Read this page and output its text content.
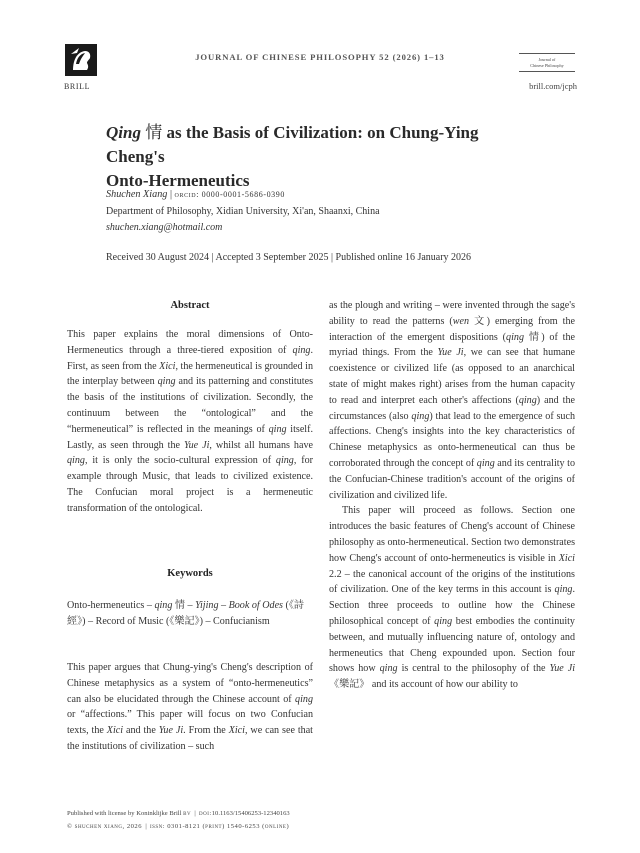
BRILL
JOURNAL OF CHINESE PHILOSOPHY 52 (2026) 1–13	Journal of
Chinese Philosophy
brill.com/jcph
Qing 情 as the Basis of Civilization: on Chung-Ying Cheng's
Onto-Hermeneutics
Shuchen Xiang | orcid: 0000-0001-5686-0390
Department of Philosophy, Xidian University, Xi'an, Shaanxi, China
shuchen.xiang@hotmail.com
Received 30 August 2024 | Accepted 3 September 2025 | Published online 16 January 2026
Abstract

This paper explains the moral dimensions of Onto-Hermeneutics through a three-tiered exposition of qing. First, as seen from the Xici, the hermeneutical is grounded in the interplay between qing and its patterning and constitutes the basis of the institutions of civilization. Secondly, the continuum between the “ontological” and the “hermeneutical” is reflected in the meanings of qing itself. Lastly, as seen through the Yue Ji, whilst all humans have qing, it is only the socio-cultural expression of qing, for example through Music, that leads to civilized existence. The Confucian moral project is a hermeneutic transformation of the ontological.

Keywords

Onto-hermeneutics – qing 情 – Yijing – Book of Odes (《詩經》) – Record of Music (《樂記》) – Confucianism

This paper argues that Chung-ying's Cheng's description of Chinese metaphysics as a system of “onto-hermeneutics” can also be elucidated through the Chinese account of qing or “affections.” This paper will focus on two Confucian texts, the Xici and the Yue Ji. From the Xici, we can see that the institutions of civilization – such

as the plough and writing – were invented through the sage's ability to read the patterns (wen 文) emerging from the interaction of the emergent dispositions (qing 情) of the myriad things. From the Yue Ji, we can see that humane coexistence or civilized life (as opposed to an anarchical state of might makes right) arises from the human capacity to read and interpret each other's affections (qing) and the circumstances (also qing) that lead to the emergence of such affections. Cheng's insights into the key characteristics of Chinese metaphysics as onto-hermeneutical can thus be corroborated through the concept of qing and its centrality to the Confucian-Chinese tradition's account of the origins of civilization and civilized life.

This paper will proceed as follows. Section one introduces the basic features of Cheng's account of Chinese philosophy as onto-hermeneutical. Section two demonstrates how Cheng's account of onto-hermeneutics is visible in Xici 2.2 – the canonical account of the origins of the institutions of civilization. One of the key terms in this account is qing. Section three proceeds to outline how the Chinese philosophical concept of qing best embodies the continuity between, and mutually influencing nature of, ontology and hermeneutics that Cheng expounded upon. Section four shows how qing is central to the philosophy of the Yue Ji 《樂記》 and its account of how our ability to

Published with license by Koninklijke Brill bv  |  doi:10.1163/15406253-12340163
© shuchen xiang, 2026  |  issn: 0301-8121 (print) 1540-6253 (online)
